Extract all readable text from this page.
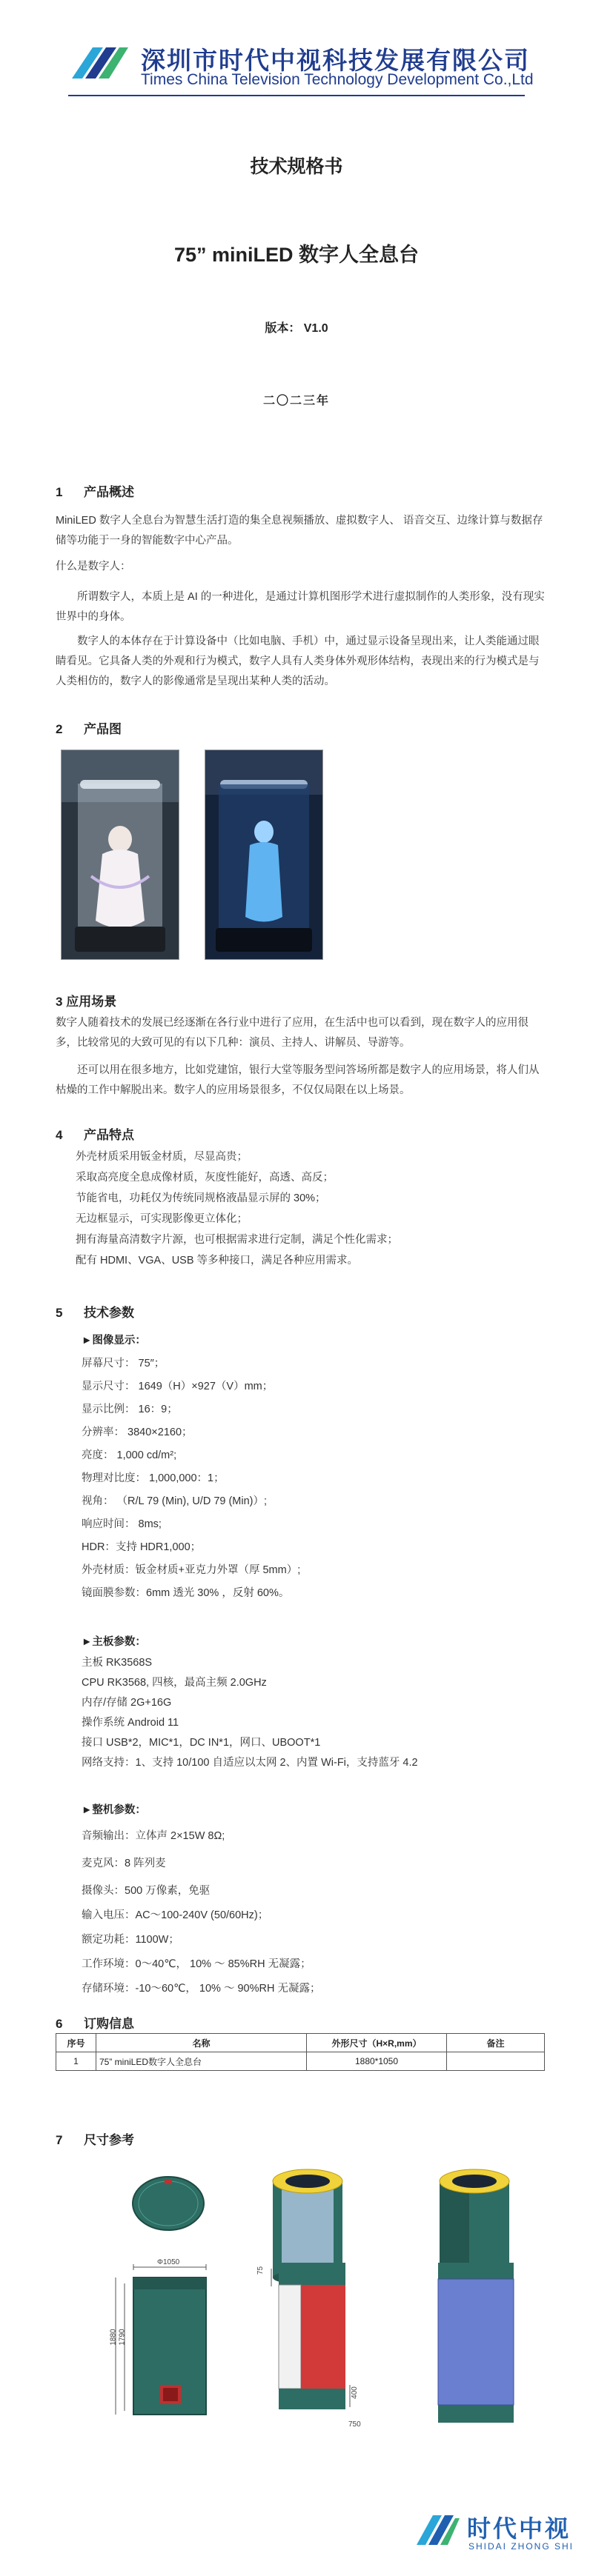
深圳市时代中视科技发展有限公司
Times China Television Technology Development Co.,Ltd
技术规格书
75” miniLED 数字人全息台
版本： V1.0
二〇二三年
1 产品概述
MiniLED 数字人全息台为智慧生活打造的集全息视频播放、虚拟数字人、 语音交互、边缘计算与数据存储等功能于一身的智能数字中心产品。
什么是数字人：
所谓数字人，本质上是 AI 的一种进化，是通过计算机图形学术进行虚拟制作的人类形象，没有现实世界中的身体。
数字人的本体存在于计算设备中（比如电脑、手机）中，通过显示设备呈现出来，让人类能通过眼睛看见。它具备人类的外观和行为模式，数字人具有人类身体外观形体结构，表现出来的行为模式是与人类相仿的，数字人的影像通常是呈现出某种人类的活动。
2 产品图
3 应用场景
数字人随着技术的发展已经逐渐在各行业中进行了应用，在生活中也可以看到，现在数字人的应用很多，比较常见的大致可见的有以下几种：演员、主持人、讲解员、导游等。
还可以用在很多地方，比如党建馆，银行大堂等服务型问答场所都是数字人的应用场景，将人们从枯燥的工作中解脱出来。数字人的应用场景很多，不仅仅局限在以上场景。
4 产品特点
外壳材质采用钣金材质，尽显高贵；
采取高亮度全息成像材质，灰度性能好，高透、高反；
节能省电，功耗仅为传统同规格液晶显示屏的 30%；
无边框显示，可实现影像更立体化；
拥有海量高清数字片源，也可根据需求进行定制，满足个性化需求；
配有 HDMI、VGA、USB 等多种接口，满足各种应用需求。
5 技术参数
►图像显示：
屏幕尺寸： 75″；
显示尺寸： 1649（H）×927（V）mm；
显示比例： 16：9；
分辨率： 3840×2160；
亮度： 1,000 cd/m²;
物理对比度： 1,000,000：1；
视角： （R/L 79 (Min), U/D 79 (Min)）;
响应时间： 8ms;
HDR：支持 HDR1,000；
外壳材质：钣金材质+亚克力外罩（厚 5mm）;
镜面膜参数：6mm 透光 30% ，反射 60%。
►主板参数：
主板 RK3568S
CPU RK3568, 四核，最高主频 2.0GHz
内存/存储 2G+16G
操作系统 Android 11
接口 USB*2，MIC*1，DC IN*1，网口、UBOOT*1
网络支持：1、支持 10/100 自适应以太网 2、内置 Wi-Fi，支持蓝牙 4.2
►整机参数：
音频输出：立体声 2×15W 8Ω;
麦克风：8 阵列麦
摄像头：500 万像素，免驱
输入电压：AC～100-240V (50/60Hz)；
额定功耗：1100W；
工作环境：0～40℃， 10% ～ 85%RH 无凝露；
存储环境：-10～60℃， 10% ～ 90%RH 无凝露；
6 订购信息
序号	名称	外形尺寸（H×R,mm）	备注
1	75” miniLED数字人全息台	1880*1050	
7 尺寸参考
Φ1050
1880 1790
75
400
750
时代中视
SHIDAI ZHONG SHI
